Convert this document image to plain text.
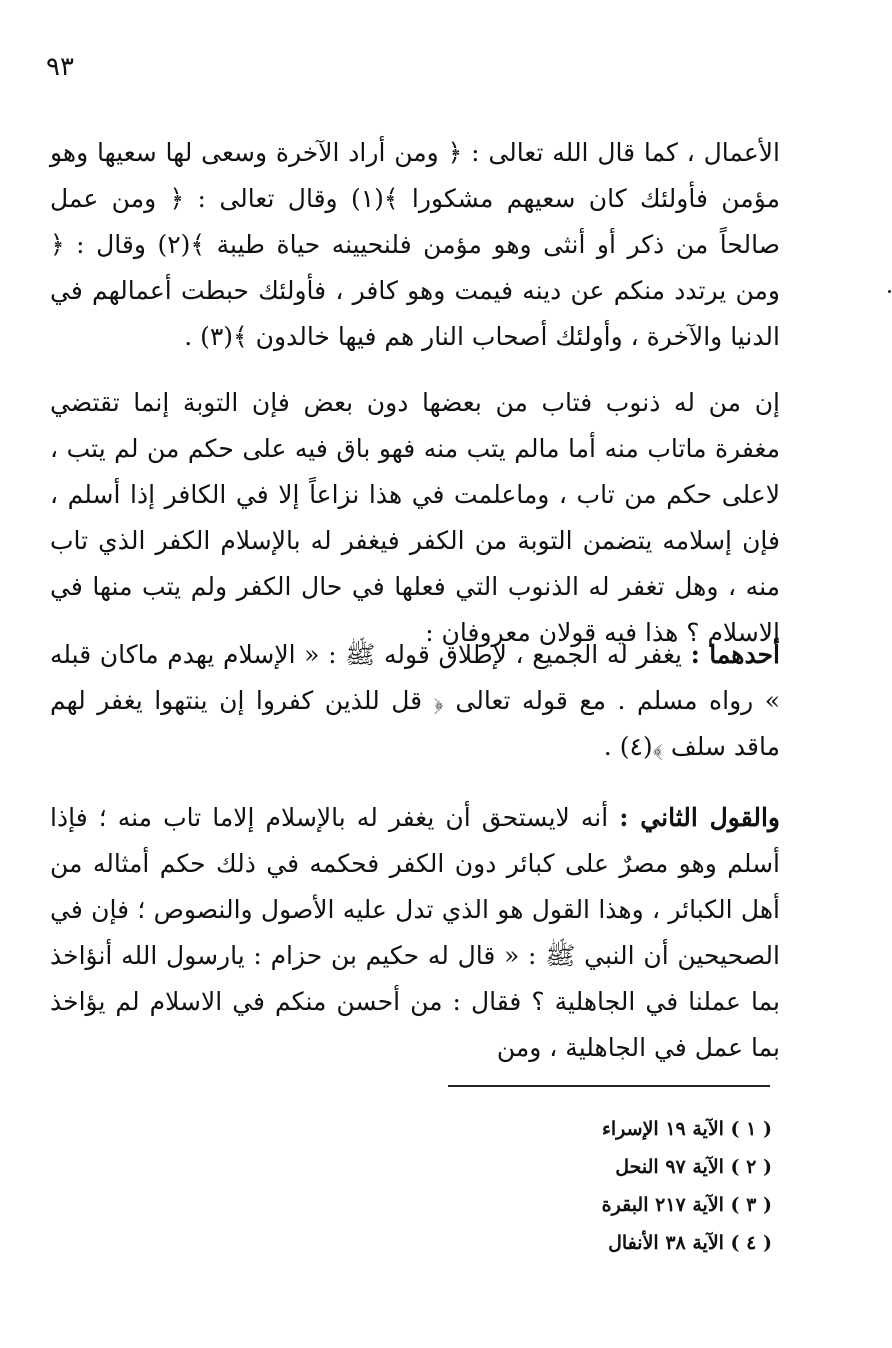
٩٣
الأعمال ، كما قال الله تعالى : ﴿ ومن أراد الآخرة وسعى لها سعيها وهو مؤمن فأولئك كان سعيهم مشكورا ﴾(١) وقال تعالى : ﴿ ومن عمل صالحاً من ذكر أو أنثى وهو مؤمن فلنحيينه حياة طيبة ﴾(٢) وقال : ﴿ ومن يرتدد منكم عن دينه فيمت وهو كافر ، فأولئك حبطت أعمالهم في الدنيا والآخرة ، وأولئك أصحاب النار هم فيها خالدون ﴾(٣) .
إن من له ذنوب فتاب من بعضها دون بعض فإن التوبة إنما تقتضي مغفرة ماتاب منه أما مالم يتب منه فهو باق فيه على حكم من لم يتب ، لاعلى حكم من تاب ، وماعلمت في هذا نزاعاً إلا في الكافر إذا أسلم ، فإن إسلامه يتضمن التوبة من الكفر فيغفر له بالإسلام الكفر الذي تاب منه ، وهل تغفر له الذنوب التي فعلها في حال الكفر ولم يتب منها في الاسلام ؟ هذا فيه قولان معروفان :
أحدهما : يغفر له الجميع ، لإطلاق قوله ﷺ : « الإسلام يهدم ماكان قبله » رواه مسلم . مع قوله تعالى ﴿ قل للذين كفروا إن ينتهوا يغفر لهم ماقد سلف ﴾(٤) .
والقول الثاني : أنه لايستحق أن يغفر له بالإسلام إلاما تاب منه ؛ فإذا أسلم وهو مصرٌ على كبائر دون الكفر فحكمه في ذلك حكم أمثاله من أهل الكبائر ، وهذا القول هو الذي تدل عليه الأصول والنصوص ؛ فإن في الصحيحين أن النبي ﷺ : « قال له حكيم بن حزام : يارسول الله أنؤاخذ بما عملنا في الجاهلية ؟ فقال : من أحسن منكم في الاسلام لم يؤاخذ بما عمل في الجاهلية ، ومن
( ١ ) الآية ١٩ الإسراء
( ٢ ) الآية ٩٧ النحل
( ٣ ) الآية ٢١٧ البقرة
( ٤ ) الآية ٣٨ الأنفال
